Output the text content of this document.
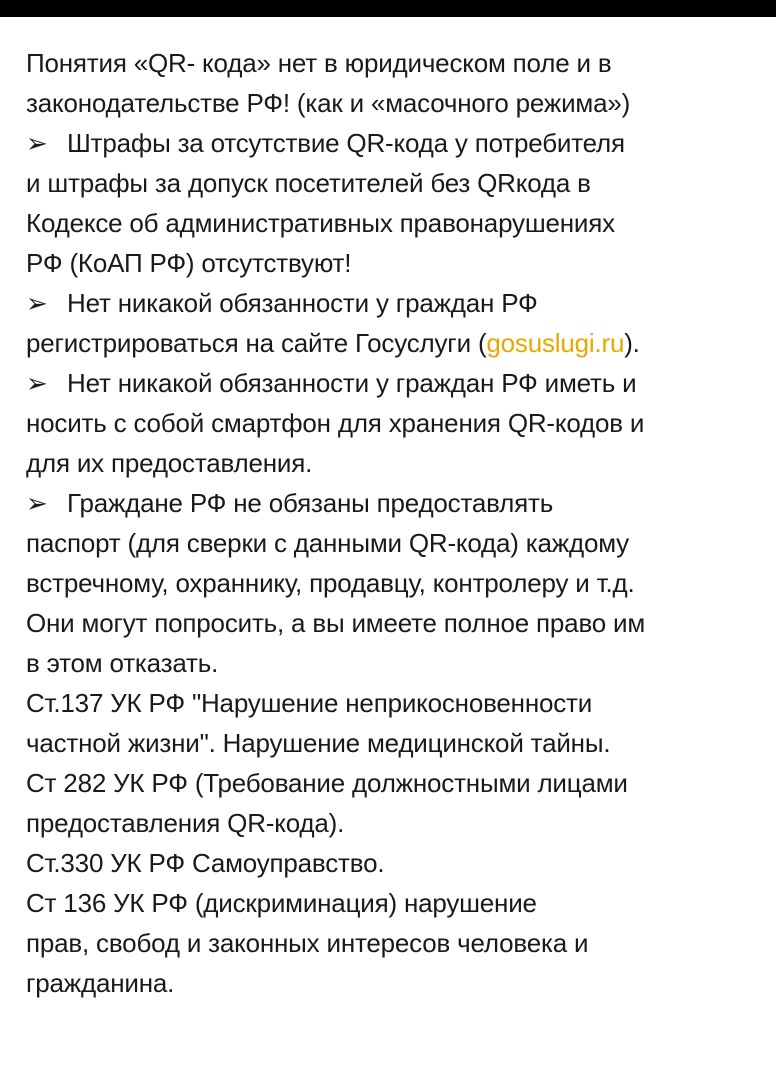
Понятия «QR- кода» нет в юридическом поле и в
законодательстве РФ! (как и «масочного режима»)
➢ Штрафы за отсутствие QR-кода у потребителя
и штрафы за допуск посетителей без QRкода в
Кодексе об административных правонарушениях
РФ (КоАП РФ) отсутствуют!
➢ Нет никакой обязанности у граждан РФ
регистрироваться на сайте Госуслуги (gosuslugi.ru).
➢ Нет никакой обязанности у граждан РФ иметь и
носить с собой смартфон для хранения QR-кодов и
для их предоставления.
➢ Граждане РФ не обязаны предоставлять
паспорт (для сверки с данными QR-кода) каждому
встречному, охраннику, продавцу, контролеру и т.д.
Они могут попросить, а вы имеете полное право им
в этом отказать.
Ст.137 УК РФ "Нарушение неприкосновенности
частной жизни". Нарушение медицинской тайны.
Ст 282 УК РФ (Требование должностными лицами
предоставления QR-кода).
Ст.330 УК РФ Самоуправство.
Ст 136 УК РФ (дискриминация) нарушение
прав, свобод и законных интересов человека и
гражданина.
